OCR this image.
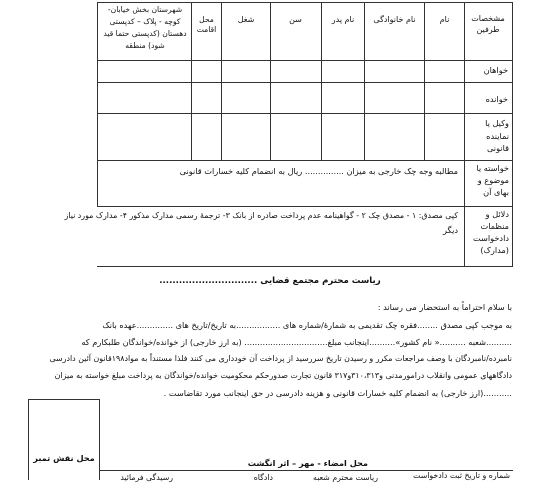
مشخصات طرفین
نام
نام خانوادگی
نام پدر
سن
شغل
محل اقامت
شهرستان بخش خیابان- کوچه - پلاک – کدپستی دهستان (کدپستی حتما قید شود) منطقه
خواهان
خوانده
وکیل یا نماینده قانونی
خواسته یا موضوع و بهای آن
دلائل و منظمات دادخواست (مدارک)
مطالبه وجه چک خارجی به میزان ............... ریال به انضمام کلیه خسارات قانونی
کپی مصدق: ۱ - مصدق چک ۲ - گواهینامه عدم پرداخت صادره از بانک ۳- ترجمۀ رسمی مدارک مذکور ۴- مدارک مورد نیاز
دیگر
ریاست محترم مجتمع قضایی ..............................
با سلام احتراماً به استحضار می رساند :
به موجب کپی مصدق ........فقره چک تقدیمی به شمارۀ/شماره های .................به تاریخ/تاریخ های ..............عهده بانک
..........شعبه ..........« نام کشور»..........اینجانب مبلغ................................ (به ارز خارجی) از خوانده/خواندگان طلبکارم که
نامبرده/نامبردگان با وصف مراجعات مکرر و رسیدن تاریخ سررسید از پرداخت آن خودداری می کنند فلذا مستنداً به مواد۱۹۸قانون آئین دادرسی
دادگاههای عمومی وانقلاب درامورمدنی و۳۱۰،۳۱۳و۳۱۷ قانون تجارت صدورحکم محکومیت خوانده/خواندگان به پرداخت مبلغ خواسته به میزان
...........(ارز خارجی) به انضمام کلیه خسارات قانونی و هزینه دادرسی در حق اینجانب مورد تقاضاست .
محل نقش تمبر	محل امضاء - مهر – اثر انگشت
شماره و تاریخ ثبت دادخواست
ریاست محترم شعبه
دادگاه
رسیدگی فرمائید
